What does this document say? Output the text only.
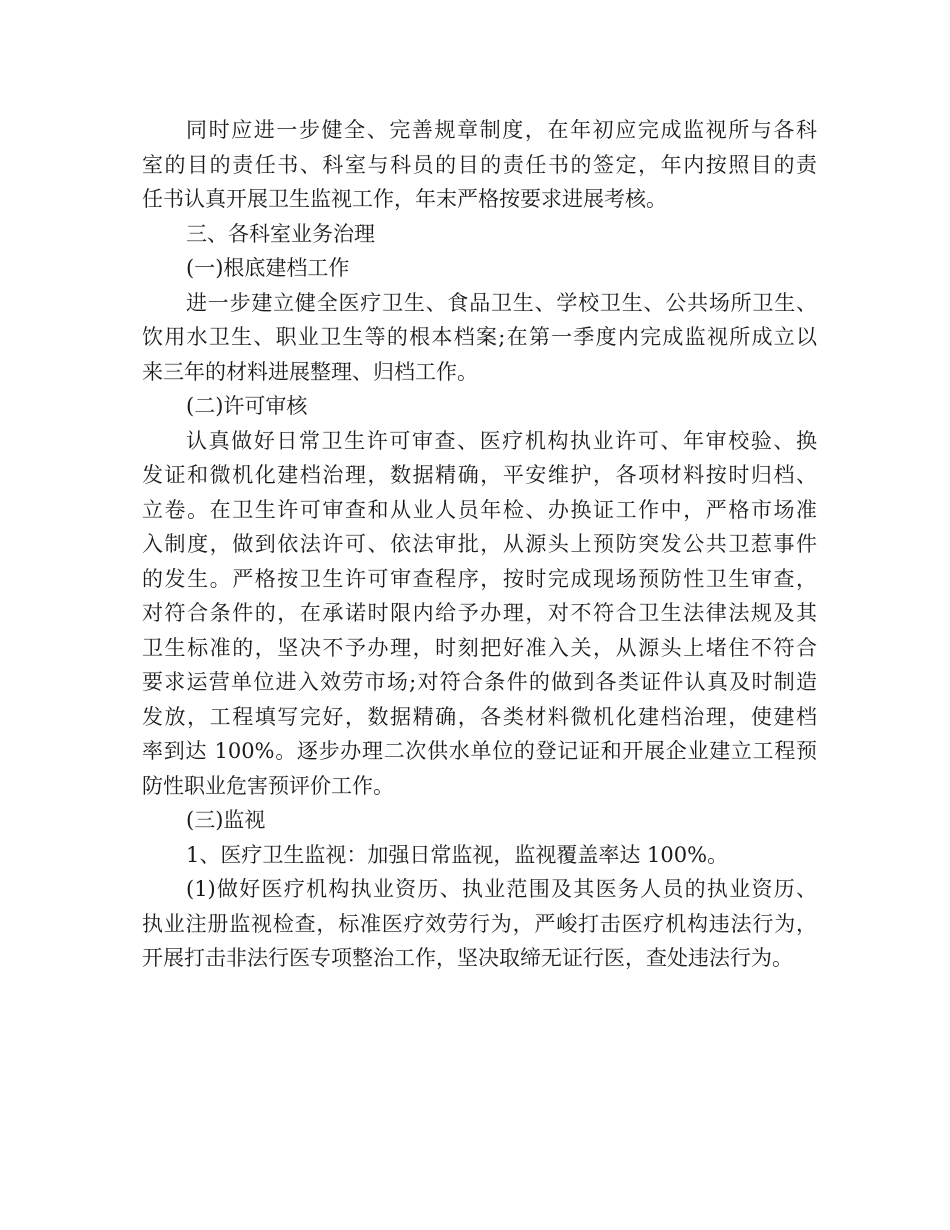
同时应进一步健全、完善规章制度，在年初应完成监视所与各科
室的目的责任书、科室与科员的目的责任书的签定，年内按照目的责
任书认真开展卫生监视工作，年末严格按要求进展考核。
三、各科室业务治理
(一)根底建档工作
进一步建立健全医疗卫生、食品卫生、学校卫生、公共场所卫生、
饮用水卫生、职业卫生等的根本档案;在第一季度内完成监视所成立以
来三年的材料进展整理、归档工作。
(二)许可审核
认真做好日常卫生许可审查、医疗机构执业许可、年审校验、换
发证和微机化建档治理，数据精确，平安维护，各项材料按时归档、
立卷。在卫生许可审查和从业人员年检、办换证工作中，严格市场准
入制度，做到依法许可、依法审批，从源头上预防突发公共卫惹事件
的发生。严格按卫生许可审查程序，按时完成现场预防性卫生审查，
对符合条件的，在承诺时限内给予办理，对不符合卫生法律法规及其
卫生标准的，坚决不予办理，时刻把好准入关，从源头上堵住不符合
要求运营单位进入效劳市场;对符合条件的做到各类证件认真及时制造
发放，工程填写完好，数据精确，各类材料微机化建档治理，使建档
率到达 100%。逐步办理二次供水单位的登记证和开展企业建立工程预
防性职业危害预评价工作。
(三)监视
1、医疗卫生监视：加强日常监视，监视覆盖率达 100%。
(1)做好医疗机构执业资历、执业范围及其医务人员的执业资历、
执业注册监视检查，标准医疗效劳行为，严峻打击医疗机构违法行为，
开展打击非法行医专项整治工作，坚决取缔无证行医，查处违法行为。
